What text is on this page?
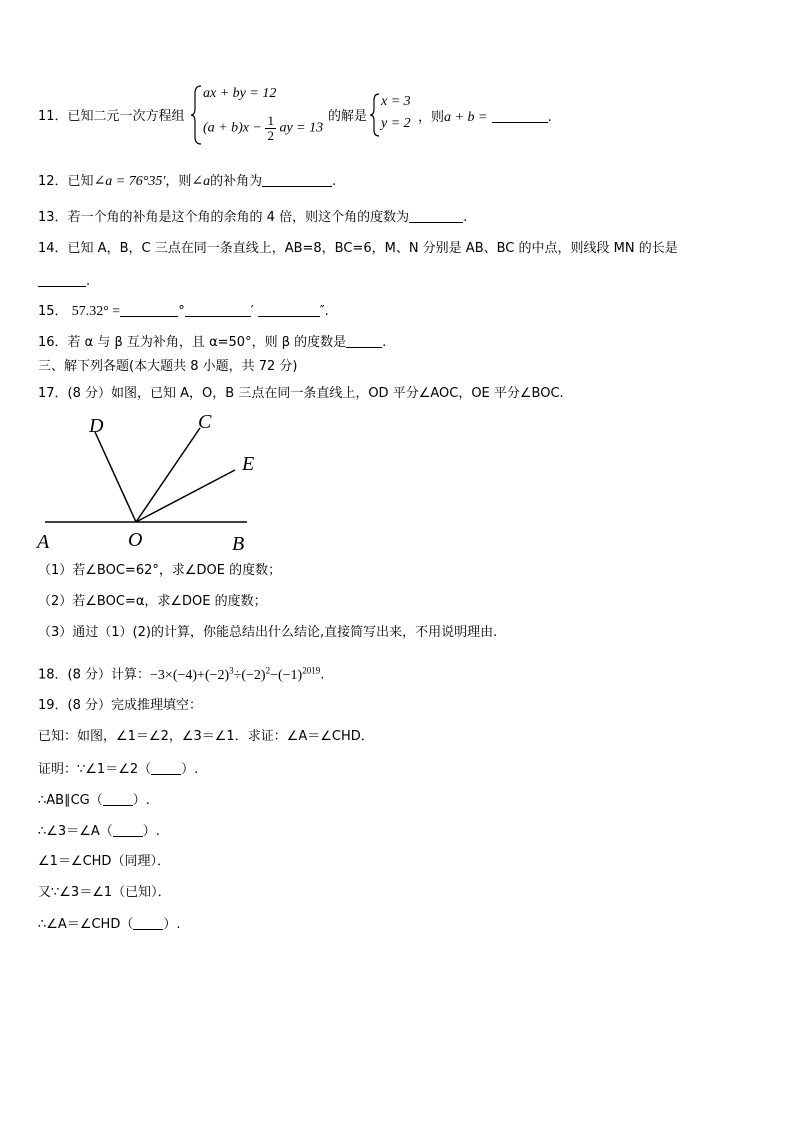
11．已知二元一次方程组
ax + by = 12
$(a + b)x - \frac{1}{2}$ ay = 13
的解是
x = 3
y = 2 ，则a + b =	.
12．已知∠a = 76°35′，则∠a的补角为	.
13．若一个角的补角是这个角的余角的 4 倍，则这个角的度数为	.
14．已知 A，B，C 三点在同一条直线上，AB=8，BC=6，M、N 分别是 AB、BC 的中点，则线段 MN 的长是
.
15． 57.32° =	°	′	″.
16．若 α 与 β 互为补角，且 α=50°，则 β 的度数是	.
三、解下列各题(本大题共 8 小题，共 72 分)
17．(8 分）如图，已知 A，O，B 三点在同一条直线上，OD 平分∠AOC，OE 平分∠BOC.
D	C
E
A	O	B
（1）若∠BOC=62°，求∠DOE 的度数；
（2）若∠BOC=α，求∠DOE 的度数；
（3）通过（1）(2)的计算，你能总结出什么结论,直接简写出来，不用说明理由.
18．(8 分）计算：$-3\times(-4)+(-2)^3\div(-2)^2-(-1)^{2019}$.
19．(8 分）完成推理填空：
已知：如图，∠1＝∠2，∠3＝∠1．求证：∠A＝∠CHD．
证明：∵∠1＝∠2（ ）.
∴AB∥CG（ ）.
∴∠3＝∠A（ ）.
∠1＝∠CHD（同理）．
又∵∠3＝∠1（已知）．
∴∠A＝∠CHD（ ）.
